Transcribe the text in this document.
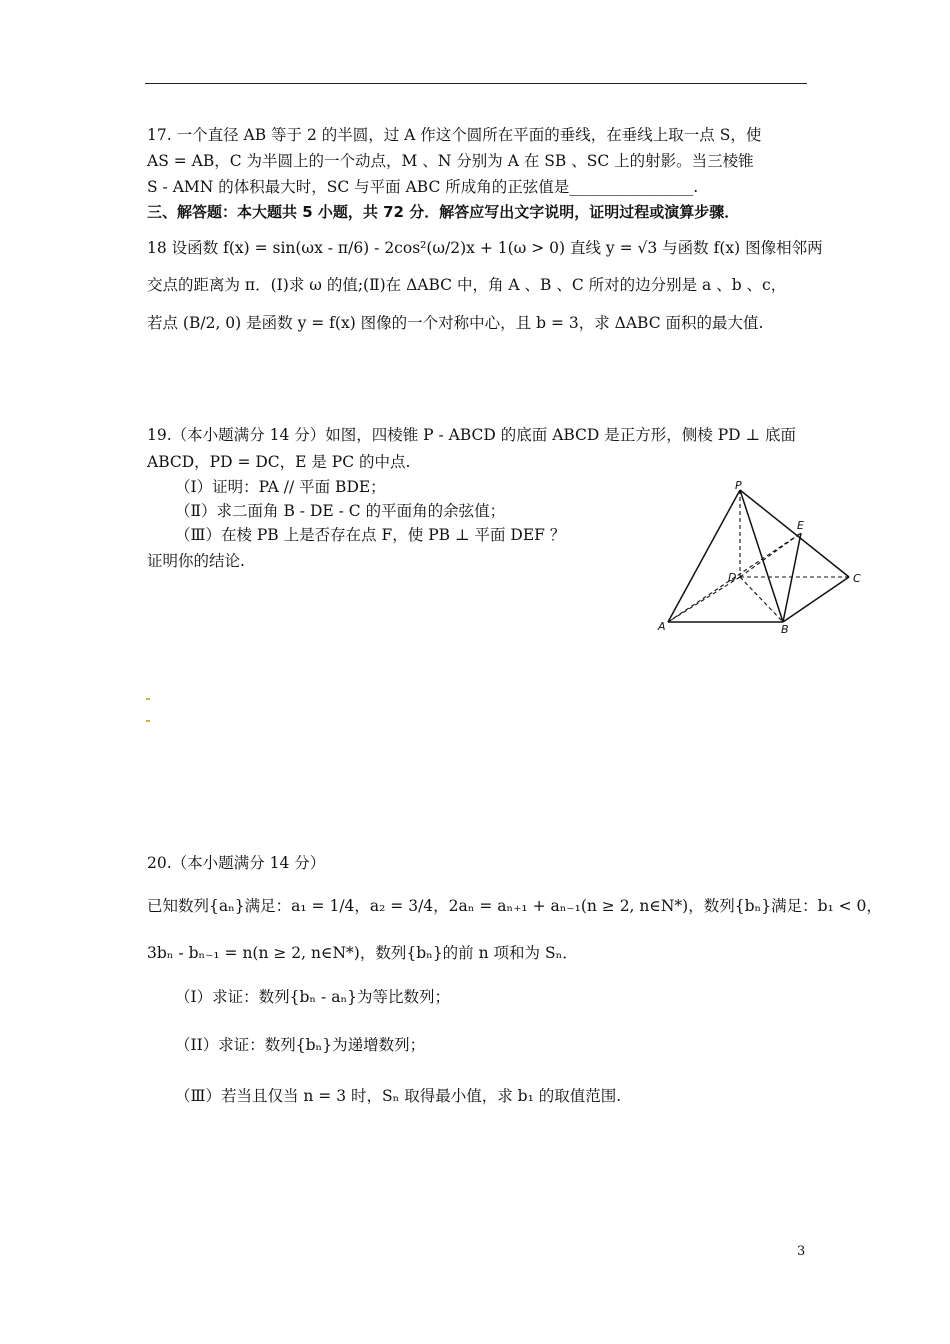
17. 一个直径 AB 等于 2 的半圆，过 A 作这个圆所在平面的垂线，在垂线上取一点 S，使
AS = AB，C 为半圆上的一个动点，M 、N 分别为 A 在 SB 、SC 上的射影。当三棱锥
S - AMN 的体积最大时，SC 与平面 ABC 所成角的正弦值是________________.
三、解答题：本大题共 5 小题，共 72 分．解答应写出文字说明，证明过程或演算步骤．
18 设函数 f(x) = sin(ωx - π/6) - 2cos²(ω/2)x + 1(ω > 0) 直线 y = √3 与函数 f(x) 图像相邻两
交点的距离为 π．(Ⅰ)求 ω 的值;(Ⅱ)在 ΔABC 中，角 A 、B 、C 所对的边分别是 a 、b 、c，
若点 (B/2, 0) 是函数 y = f(x) 图像的一个对称中心，且 b = 3，求 ΔABC 面积的最大值.
19.（本小题满分 14 分）如图，四棱锥 P - ABCD 的底面 ABCD 是正方形，侧棱 PD ⊥ 底面
ABCD，PD = DC，E 是 PC 的中点.
（Ⅰ）证明：PA // 平面 BDE；
（Ⅱ）求二面角 B - DE - C 的平面角的余弦值；
（Ⅲ）在棱 PB 上是否存在点 F，使 PB ⊥ 平面 DEF ？
证明你的结论.
P
E
D	C
A	B
20.（本小题满分 14 分）
已知数列{aₙ}满足：a₁ = 1/4，a₂ = 3/4，2aₙ = aₙ₊₁ + aₙ₋₁(n ≥ 2, n∈N*)，数列{bₙ}满足：b₁ < 0，
3bₙ - bₙ₋₁ = n(n ≥ 2, n∈N*)，数列{bₙ}的前 n 项和为 Sₙ．
（Ⅰ）求证：数列{bₙ - aₙ}为等比数列；
（II）求证：数列{bₙ}为递增数列；
（Ⅲ）若当且仅当 n = 3 时，Sₙ 取得最小值，求 b₁ 的取值范围.
3
